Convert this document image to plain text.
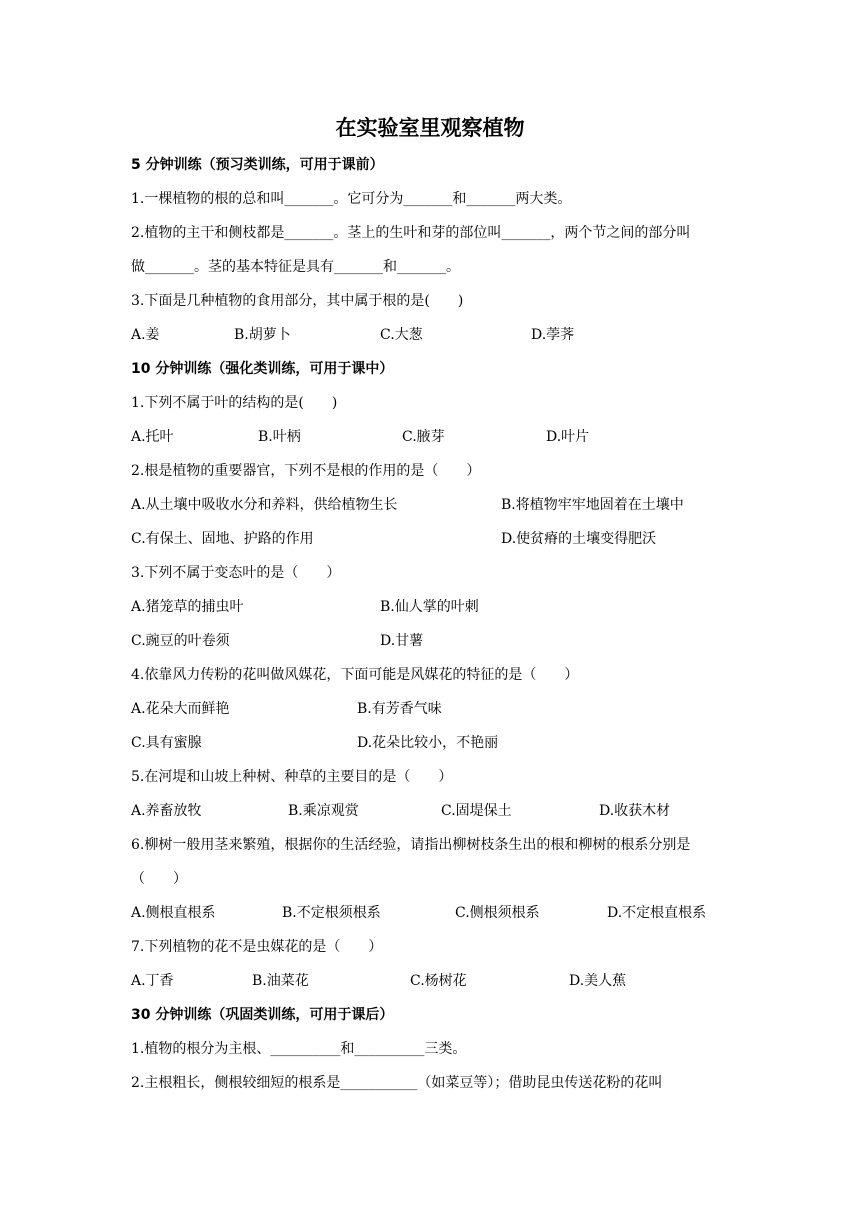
在实验室里观察植物
5 分钟训练（预习类训练，可用于课前）
1.一棵植物的根的总和叫_______。它可分为_______和_______两大类。
2.植物的主干和侧枝都是_______。茎上的生叶和芽的部位叫_______，两个节之间的部分叫
做_______。茎的基本特征是具有_______和_______。
3.下面是几种植物的食用部分，其中属于根的是(　　)
A.姜	B.胡萝卜	C.大葱	D.荸荠
10 分钟训练（强化类训练，可用于课中）
1.下列不属于叶的结构的是(　　)
A.托叶	B.叶柄	C.腋芽	D.叶片
2.根是植物的重要器官，下列不是根的作用的是（　　）
A.从土壤中吸收水分和养料，供给植物生长	B.将植物牢牢地固着在土壤中
C.有保土、固地、护路的作用	D.使贫瘠的土壤变得肥沃
3.下列不属于变态叶的是（　　）
A.猪笼草的捕虫叶	B.仙人掌的叶刺
C.豌豆的叶卷须	D.甘薯
4.依靠风力传粉的花叫做风媒花，下面可能是风媒花的特征的是（　　）
A.花朵大而鲜艳	B.有芳香气味
C.具有蜜腺	D.花朵比较小，不艳丽
5.在河堤和山坡上种树、种草的主要目的是（　　）
A.养畜放牧	B.乘凉观赏	C.固堤保土	D.收获木材
6.柳树一般用茎来繁殖，根据你的生活经验，请指出柳树枝条生出的根和柳树的根系分别是
（　　）
A.侧根直根系	B.不定根须根系	C.侧根须根系	D.不定根直根系
7.下列植物的花不是虫媒花的是（　　）
A.丁香	B.油菜花	C.杨树花	D.美人蕉
30 分钟训练（巩固类训练，可用于课后）
1.植物的根分为主根、__________和__________三类。
2.主根粗长，侧根较细短的根系是___________（如菜豆等）；借助昆虫传送花粉的花叫
